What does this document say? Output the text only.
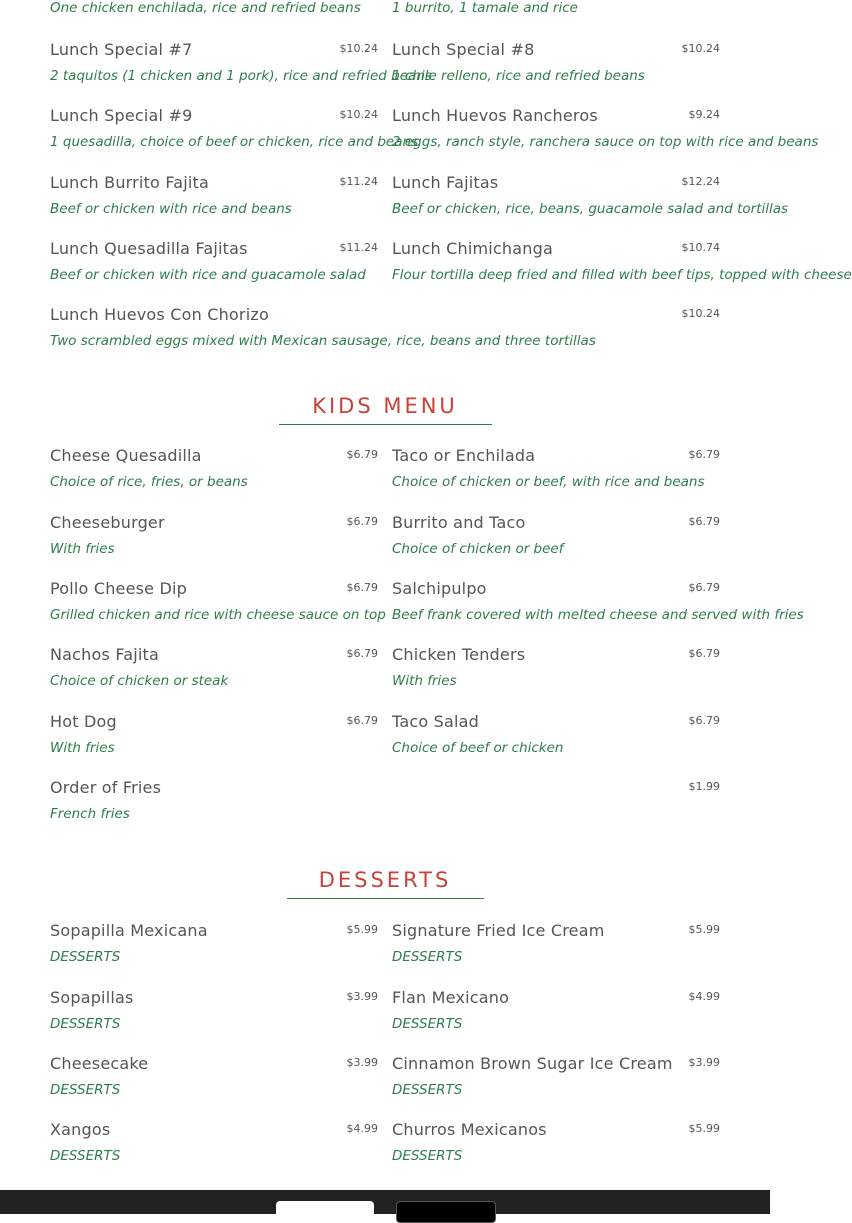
One chicken enchilada, rice and refried beans	1 burrito, 1 tamale and rice
Lunch Special #7	$10.24
2 taquitos (1 chicken and 1 pork), rice and refried beans
Lunch Special #8	$10.24
1 chile relleno, rice and refried beans
Lunch Special #9	$10.24
1 quesadilla, choice of beef or chicken, rice and beans
Lunch Huevos Rancheros	$9.24
2 eggs, ranch style, ranchera sauce on top with rice and beans
Lunch Burrito Fajita	$11.24
Beef or chicken with rice and beans
Lunch Fajitas	$12.24
Beef or chicken, rice, beans, guacamole salad and tortillas
Lunch Quesadilla Fajitas	$11.24
Beef or chicken with rice and guacamole salad
Lunch Chimichanga	$10.74
Flour tortilla deep fried and filled with beef tips, topped with cheese
Lunch Huevos Con Chorizo	$10.24
Two scrambled eggs mixed with Mexican sausage, rice, beans and three tortillas
KIDS MENU
Cheese Quesadilla	$6.79
Choice of rice, fries, or beans
Taco or Enchilada	$6.79
Choice of chicken or beef, with rice and beans
Cheeseburger	$6.79
With fries
Burrito and Taco	$6.79
Choice of chicken or beef
Pollo Cheese Dip	$6.79
Grilled chicken and rice with cheese sauce on top
Salchipulpo	$6.79
Beef frank covered with melted cheese and served with fries
Nachos Fajita	$6.79
Choice of chicken or steak
Chicken Tenders	$6.79
With fries
Hot Dog	$6.79
With fries
Taco Salad	$6.79
Choice of beef or chicken
Order of Fries	$1.99
French fries
DESSERTS
Sopapilla Mexicana	$5.99
DESSERTS
Signature Fried Ice Cream	$5.99
DESSERTS
Sopapillas	$3.99
DESSERTS
Flan Mexicano	$4.99
DESSERTS
Cheesecake	$3.99
DESSERTS
Cinnamon Brown Sugar Ice Cream $3.99
DESSERTS
Xangos	$4.99
DESSERTS
Churros Mexicanos	$5.99
DESSERTS
